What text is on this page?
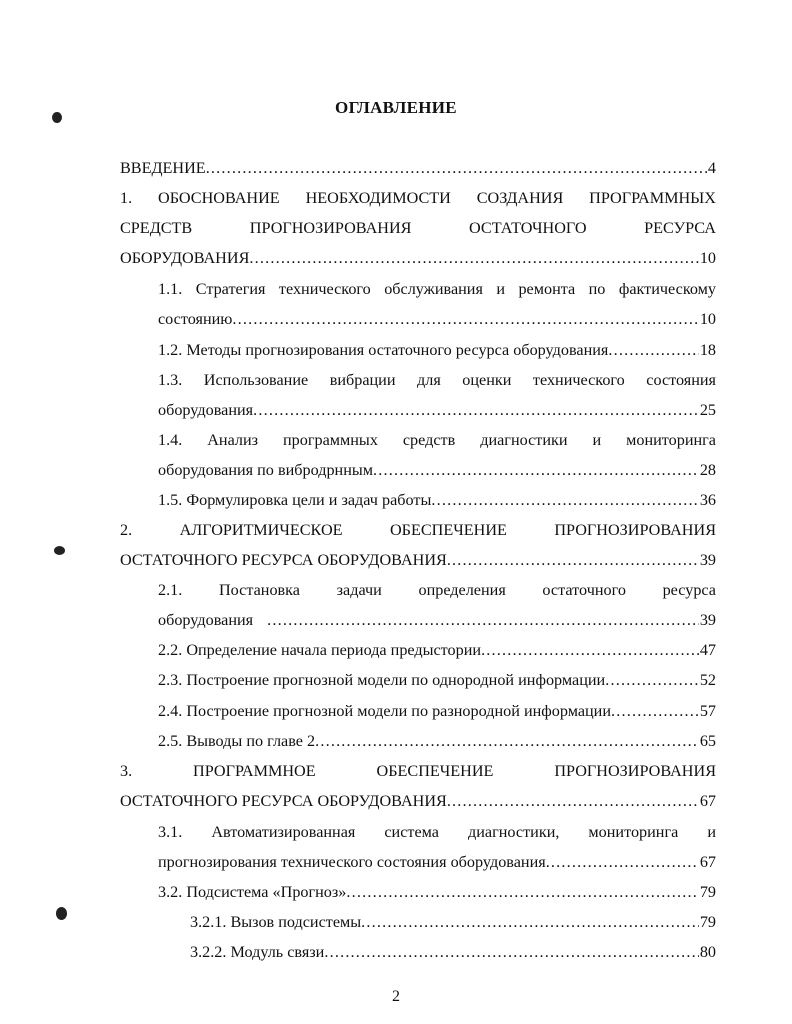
ОГЛАВЛЕНИЕ
ВВЕДЕНИЕ .....	4
1. ОБОСНОВАНИЕ НЕОБХОДИМОСТИ СОЗДАНИЯ ПРОГРАММНЫХ
СРЕДСТВ ПРОГНОЗИРОВАНИЯ ОСТАТОЧНОГО РЕСУРСА
ОБОРУДОВАНИЯ .....	10
1.1. Стратегия технического обслуживания и ремонта по фактическому
состоянию .....	10
1.2. Методы прогнозирования остаточного ресурса оборудования .....	18
1.3. Использование вибрации для оценки технического состояния
оборудования .....	25
1.4. Анализ программных средств диагностики и мониторинга
оборудования по вибродрнным .....	28
1.5. Формулировка цели и задач работы .....	36
2. АЛГОРИТМИЧЕСКОЕ ОБЕСПЕЧЕНИЕ ПРОГНОЗИРОВАНИЯ
ОСТАТОЧНОГО РЕСУРСА ОБОРУДОВАНИЯ .....	39
2.1. Постановка задачи определения остаточного ресурса
оборудования .....	39
2.2. Определение начала периода предыстории .....	47
2.3. Построение прогнозной модели по однородной информации .....	52
2.4. Построение прогнозной модели по разнородной информации .....	57
2.5. Выводы по главе 2 .....	65
3. ПРОГРАММНОЕ ОБЕСПЕЧЕНИЕ ПРОГНОЗИРОВАНИЯ
ОСТАТОЧНОГО РЕСУРСА ОБОРУДОВАНИЯ .....	67
3.1. Автоматизированная система диагностики, мониторинга и
прогнозирования технического состояния оборудования .....	67
3.2. Подсистема «Прогноз» .....	79
3.2.1. Вызов подсистемы .....	79
3.2.2. Модуль связи .....	80
2
